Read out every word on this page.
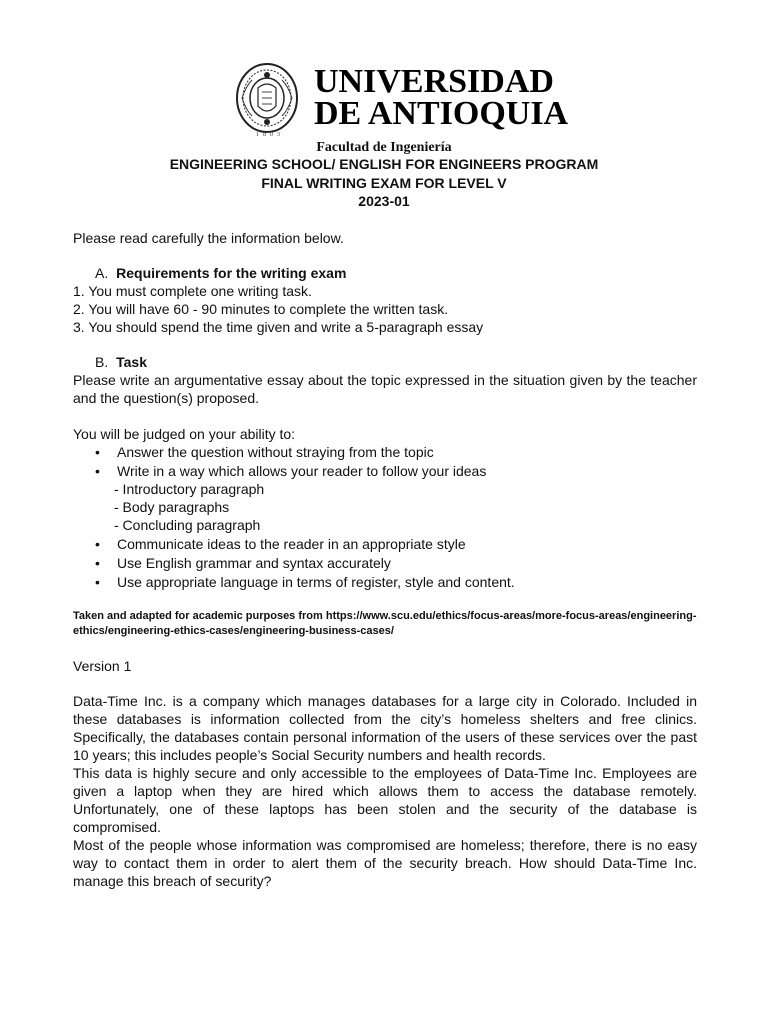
1803
UNIVERSIDAD
DE ANTIOQUIA
Facultad de Ingeniería
ENGINEERING SCHOOL/ ENGLISH FOR ENGINEERS PROGRAM
FINAL WRITING EXAM FOR LEVEL V
2023-01
Please read carefully the information below.
A. Requirements for the writing exam
1. You must complete one writing task.
2. You will have 60 - 90 minutes to complete the written task.
3. You should spend the time given and write a 5-paragraph essay
B. Task
Please write an argumentative essay about the topic expressed in the situation given by the teacher and the question(s) proposed.
You will be judged on your ability to:
• Answer the question without straying from the topic
• Write in a way which allows your reader to follow your ideas
- Introductory paragraph
- Body paragraphs
- Concluding paragraph
• Communicate ideas to the reader in an appropriate style
• Use English grammar and syntax accurately
• Use appropriate language in terms of register, style and content.
Taken and adapted for academic purposes from https://www.scu.edu/ethics/focus-areas/more-focus-areas/engineering-ethics/engineering-ethics-cases/engineering-business-cases/
Version 1
Data-Time Inc. is a company which manages databases for a large city in Colorado. Included in these databases is information collected from the city’s homeless shelters and free clinics. Specifically, the databases contain personal information of the users of these services over the past 10 years; this includes people’s Social Security numbers and health records.
This data is highly secure and only accessible to the employees of Data-Time Inc. Employees are given a laptop when they are hired which allows them to access the database remotely. Unfortunately, one of these laptops has been stolen and the security of the database is compromised.
Most of the people whose information was compromised are homeless; therefore, there is no easy way to contact them in order to alert them of the security breach. How should Data-Time Inc. manage this breach of security?
